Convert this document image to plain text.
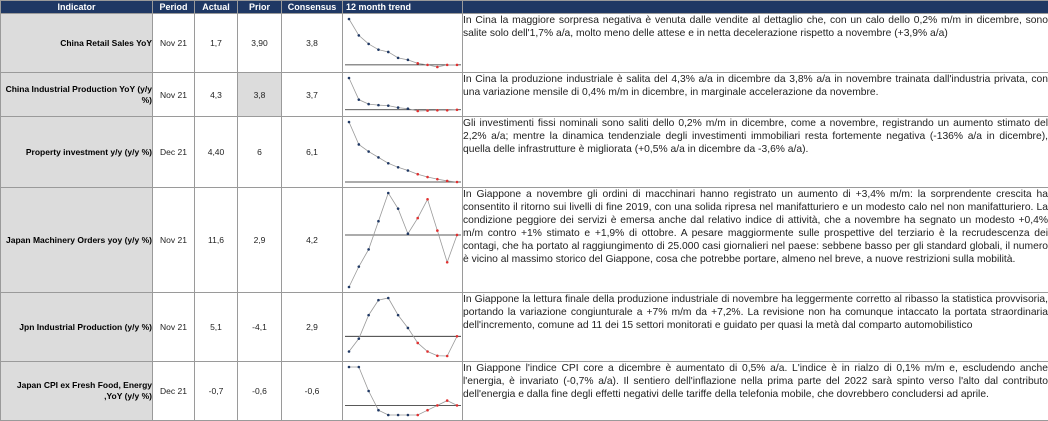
Indicator	Period	Actual	Prior	Consensus	12 month trend	
China Retail Sales YoY	Nov 21	1,7	3,90	3,8		In Cina la maggiore sorpresa negativa è venuta dalle vendite al dettaglio che, con un calo dello 0,2% m/m in dicembre, sono salite solo dell'1,7% a/a, molto meno delle attese e in netta decelerazione rispetto a novembre (+3,9% a/a)

China Industrial Production YoY (y/y %)	Nov 21	4,3	3,8	3,7		In Cina la produzione industriale è salita del 4,3% a/a in dicembre da 3,8% a/a in novembre trainata dall'industria privata, con una variazione mensile di 0,4% m/m in dicembre, in marginale accelerazione da novembre.

Property investment y/y (y/y %)	Dec 21	4,40	6	6,1		Gli investimenti fissi nominali sono saliti dello 0,2% m/m in dicembre, come a novembre, registrando un aumento stimato del 2,2% a/a; mentre la dinamica tendenziale degli investimenti immobiliari resta fortemente negativa (-136% a/a in dicembre), quella delle infrastrutture è migliorata (+0,5% a/a in dicembre da -3,6% a/a).

Japan Machinery Orders yoy (y/y %)	Nov 21	11,6	2,9	4,2		In Giappone a novembre gli ordini di macchinari hanno registrato un aumento di +3,4% m/m: la sorprendente crescita ha consentito il ritorno sui livelli di fine 2019, con una solida ripresa nel manifatturiero e un modesto calo nel non manifatturiero. La condizione peggiore dei servizi è emersa anche dal relativo indice di attività, che a novembre ha segnato un modesto +0,4% m/m contro +1% stimato e +1,9% di ottobre. A pesare maggiormente sulle prospettive del terziario è la recrudescenza dei contagi, che ha portato al raggiungimento di 25.000 casi giornalieri nel paese: sebbene basso per gli standard globali, il numero è vicino al massimo storico del Giappone, cosa che potrebbe portare, almeno nel breve, a nuove restrizioni sulla mobilità.

Jpn Industrial Production (y/y %)	Nov 21	5,1	-4,1	2,9		In Giappone la lettura finale della produzione industriale di novembre ha leggermente corretto al ribasso la statistica provvisoria, portando la variazione congiunturale a +7% m/m da +7,2%. La revisione non ha comunque intaccato la portata straordinaria dell'incremento, comune ad 11 dei 15 settori monitorati e guidato per quasi la metà dal comparto automobilistico

Japan CPI ex Fresh Food, Energy ,YoY (y/y %)	Dec 21	-0,7	-0,6	-0,6		In Giappone l'indice CPI core a dicembre è aumentato di 0,5% a/a. L'indice è in rialzo di 0,1% m/m e, escludendo anche l'energia, è invariato (-0,7% a/a). Il sentiero dell'inflazione nella prima parte del 2022 sarà spinto verso l'alto dal contributo dell'energia e dalla fine degli effetti negativi delle tariffe della telefonia mobile, che dovrebbero concludersi ad aprile.
